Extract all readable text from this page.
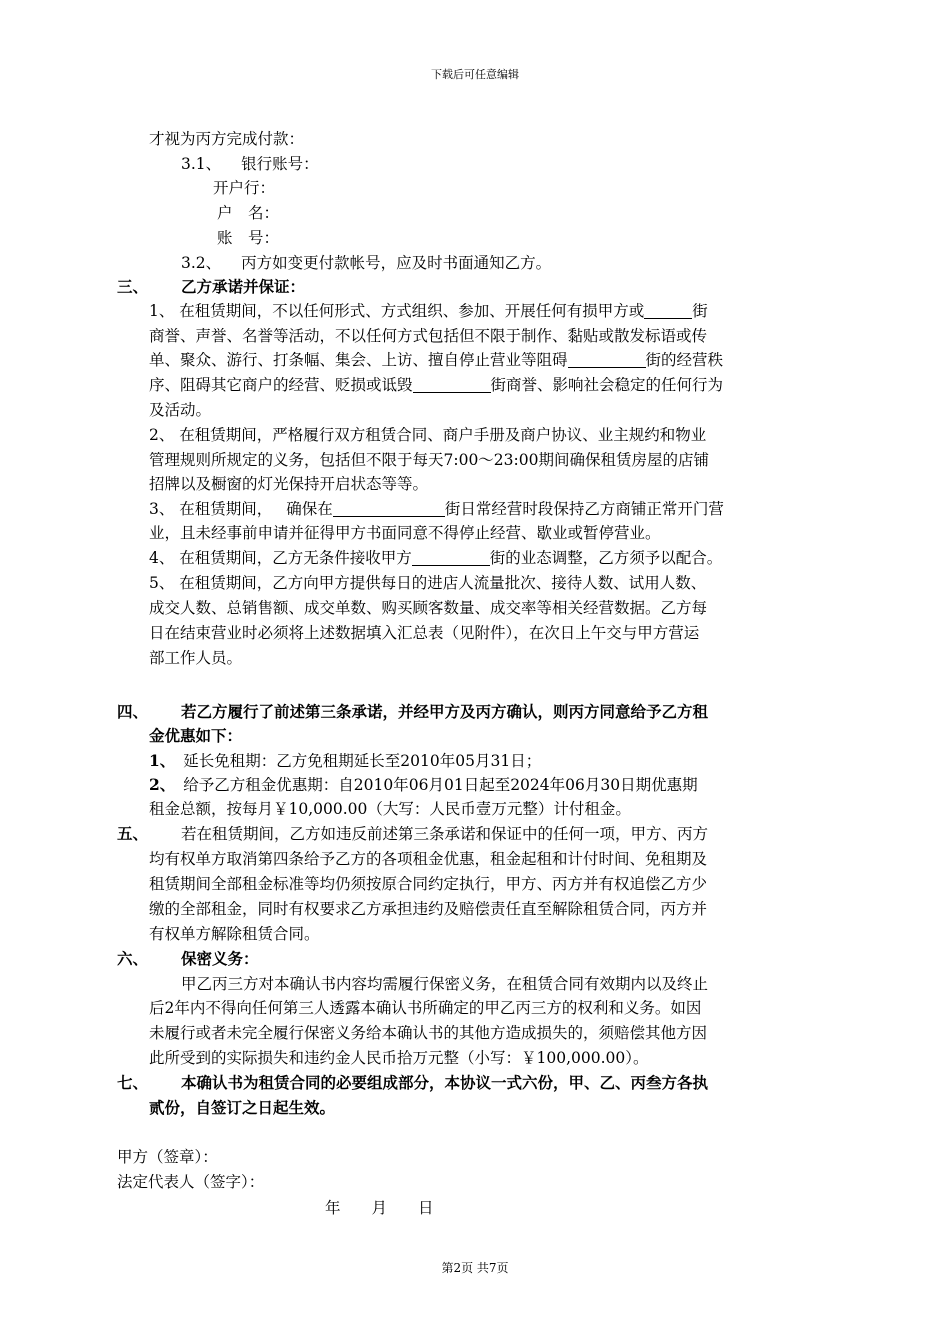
下载后可任意编辑
才视为丙方完成付款：
3.1、 银行账号：
开户行：
户　名：
账　号：
3.2、 丙方如变更付款帐号，应及时书面通知乙方。
三、 乙方承诺并保证：
1、 在租赁期间，不以任何形式、方式组织、参加、开展任何有损甲方或	街
商誉、声誉、名誉等活动，不以任何方式包括但不限于制作、黏贴或散发标语或传
单、聚众、游行、打条幅、集会、上访、擅自停止营业等阻碍	街的经营秩
序、阻碍其它商户的经营、贬损或诋毁	街商誉、影响社会稳定的任何行为
及活动。
2、 在租赁期间，严格履行双方租赁合同、商户手册及商户协议、业主规约和物业
管理规则所规定的义务，包括但不限于每天7:00～23:00期间确保租赁房屋的店铺
招牌以及橱窗的灯光保持开启状态等等。
3、 在租赁期间， 确保在	街日常经营时段保持乙方商铺正常开门营
业，且未经事前申请并征得甲方书面同意不得停止经营、歇业或暂停营业。
4、 在租赁期间，乙方无条件接收甲方	街的业态调整，乙方须予以配合。
5、 在租赁期间，乙方向甲方提供每日的进店人流量批次、接待人数、试用人数、
成交人数、总销售额、成交单数、购买顾客数量、成交率等相关经营数据。乙方每
日在结束营业时必须将上述数据填入汇总表（见附件），在次日上午交与甲方营运
部工作人员。
四、 若乙方履行了前述第三条承诺，并经甲方及丙方确认，则丙方同意给予乙方租
金优惠如下：
1、 延长免租期：乙方免租期延长至2010年05月31日；
2、 给予乙方租金优惠期：自2010年06月01日起至2024年06月30日期优惠期
租金总额，按每月￥10,000.00（大写：人民币壹万元整）计付租金。
五、 若在租赁期间，乙方如违反前述第三条承诺和保证中的任何一项，甲方、丙方
均有权单方取消第四条给予乙方的各项租金优惠，租金起租和计付时间、免租期及
租赁期间全部租金标准等均仍须按原合同约定执行，甲方、丙方并有权追偿乙方少
缴的全部租金，同时有权要求乙方承担违约及赔偿责任直至解除租赁合同，丙方并
有权单方解除租赁合同。
六、 保密义务：
甲乙丙三方对本确认书内容均需履行保密义务，在租赁合同有效期内以及终止
后2年内不得向任何第三人透露本确认书所确定的甲乙丙三方的权利和义务。如因
未履行或者未完全履行保密义务给本确认书的其他方造成损失的，须赔偿其他方因
此所受到的实际损失和违约金人民币拾万元整（小写：￥100,000.00）。
七、 本确认书为租赁合同的必要组成部分，本协议一式六份，甲、乙、丙叁方各执
贰份，自签订之日起生效。
甲方（签章）：
法定代表人（签字）：
年　　月　　日
第2页 共7页
